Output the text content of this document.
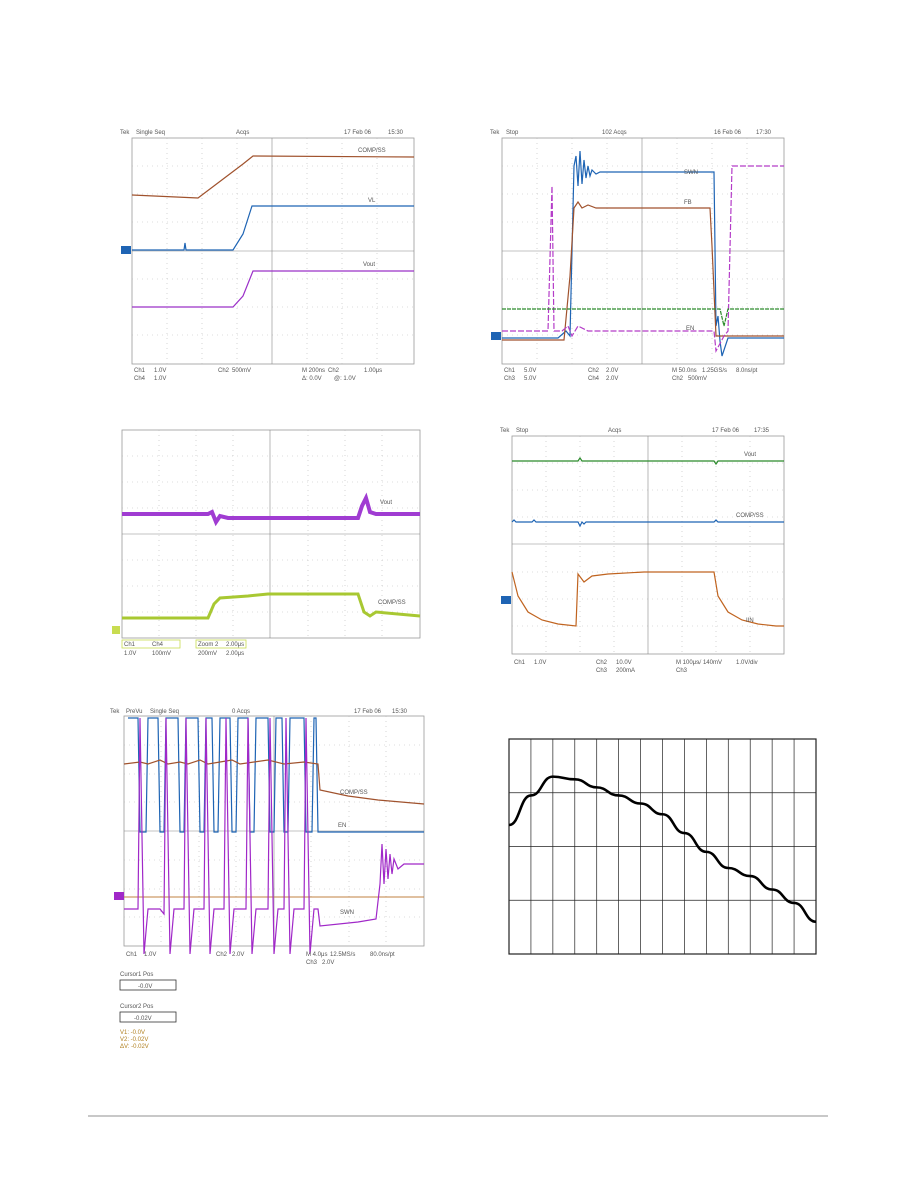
Tek Single Seq	Acqs	17 Feb 06	15:30
COMP/SS
VL
Vout
Ch1 1.0V	Ch2 500mV	M 200ns Ch2
Ch4 1.0V	Δ: 0.0V @: 1.0V
1.00μs
Tek Stop	102 Acqs	16 Feb 06 17:30
SWN
FB
EN
Ch1 5.0V	Ch2 2.0V
Ch3 5.0V	Ch4 2.0V
M 50.0ns 1.25GS/s
Ch2 500mV
8.0ns/pt
Vout
COMP/SS
Ch1	Ch4
1.0V	100mV
Zoom 2
200mV 2.00μs
2.00μs
Tek Stop	Acqs	17 Feb 06 17:35
Vout
COMP/SS
IIN
Ch1 1.0V	Ch2 10.0V
Ch3 200mA
M 100μs
Ch3
√ 140mV 1.0V/div
Tek PreVu Single Seq	0 Acqs	17 Feb 06 15:30
COMP/SS
EN
SWN
Ch1 1.0V	Ch2 2.0V	M 4.0μs 12.5MS/s
Ch3 2.0V
80.0ns/pt
Cursor1 Pos
-0.0V
Cursor2 Pos
-0.02V
V1: -0.0V
V2: -0.02V
ΔV: -0.02V
